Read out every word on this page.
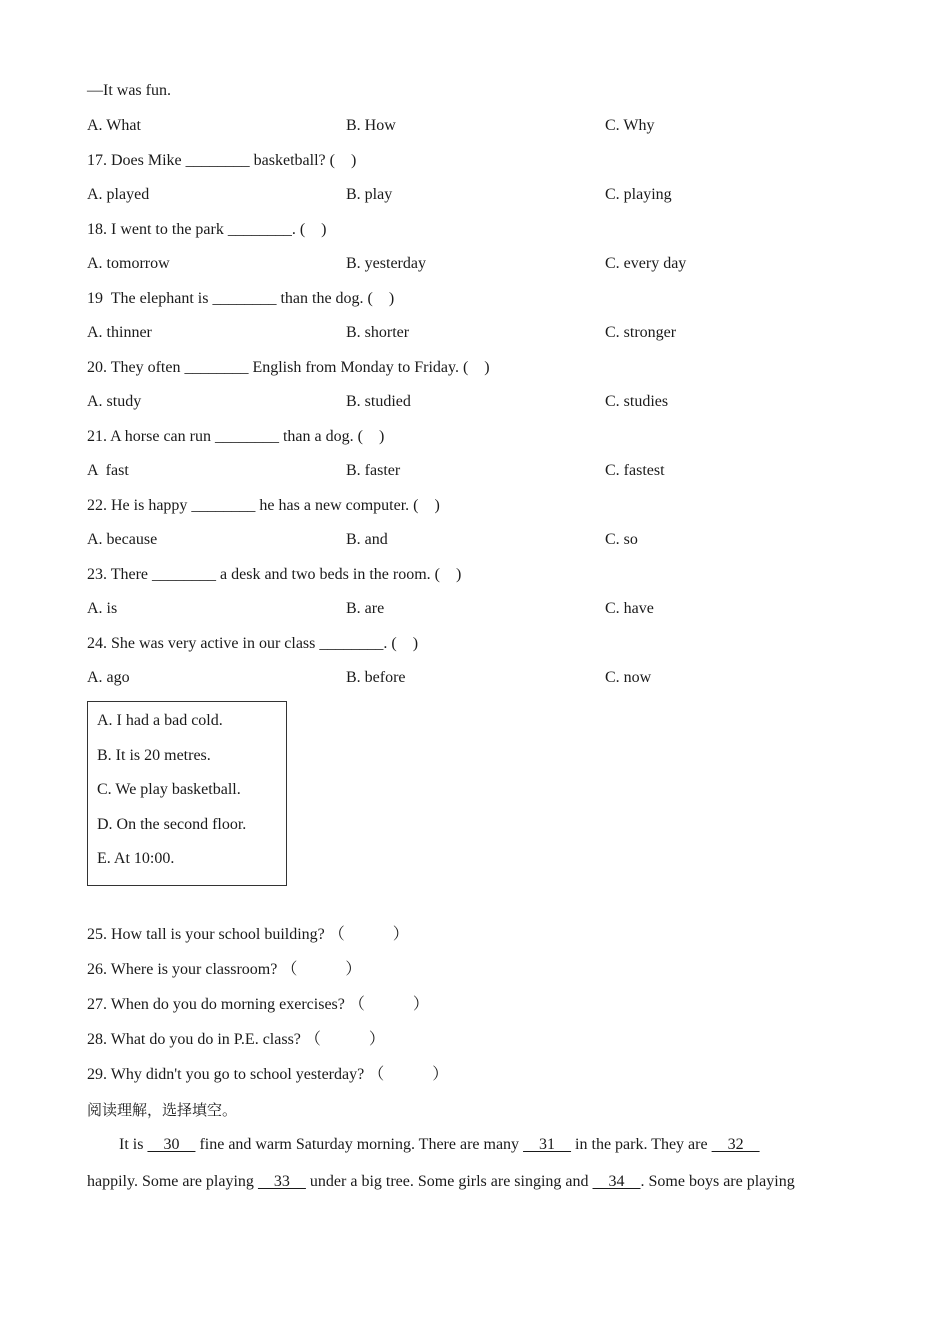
—It was fun.
A. What	B. How	C. Why
17. Does Mike ________ basketball? (    )
A. played	B. play	C. playing
18. I went to the park ________. (    )
A. tomorrow	B. yesterday	C. every day
19  The elephant is ________ than the dog. (    )
A. thinner	B. shorter	C. stronger
20. They often ________ English from Monday to Friday. (    )
A. study	B. studied	C. studies
21. A horse can run ________ than a dog. (    )
A  fast	B. faster	C. fastest
22. He is happy ________ he has a new computer. (    )
A. because	B. and	C. so
23. There ________ a desk and two beds in the room. (    )
A. is	B. are	C. have
24. She was very active in our class ________. (    )
A. ago	B. before	C. now
A. I had a bad cold.
B. It is 20 metres.
C. We play basketball.
D. On the second floor.
E. At 10:00.
25. How tall is your school building? （            ）
26. Where is your classroom? （            ）
27. When do you do morning exercises? （            ）
28. What do you do in P.E. class? （            ）
29. Why didn't you go to school yesterday? （            ）
阅读理解，选择填空。
It is     30     fine and warm Saturday morning. There are many     31     in the park. They are     32
happily. Some are playing     33     under a big tree. Some girls are singing and     34    . Some boys are playing
